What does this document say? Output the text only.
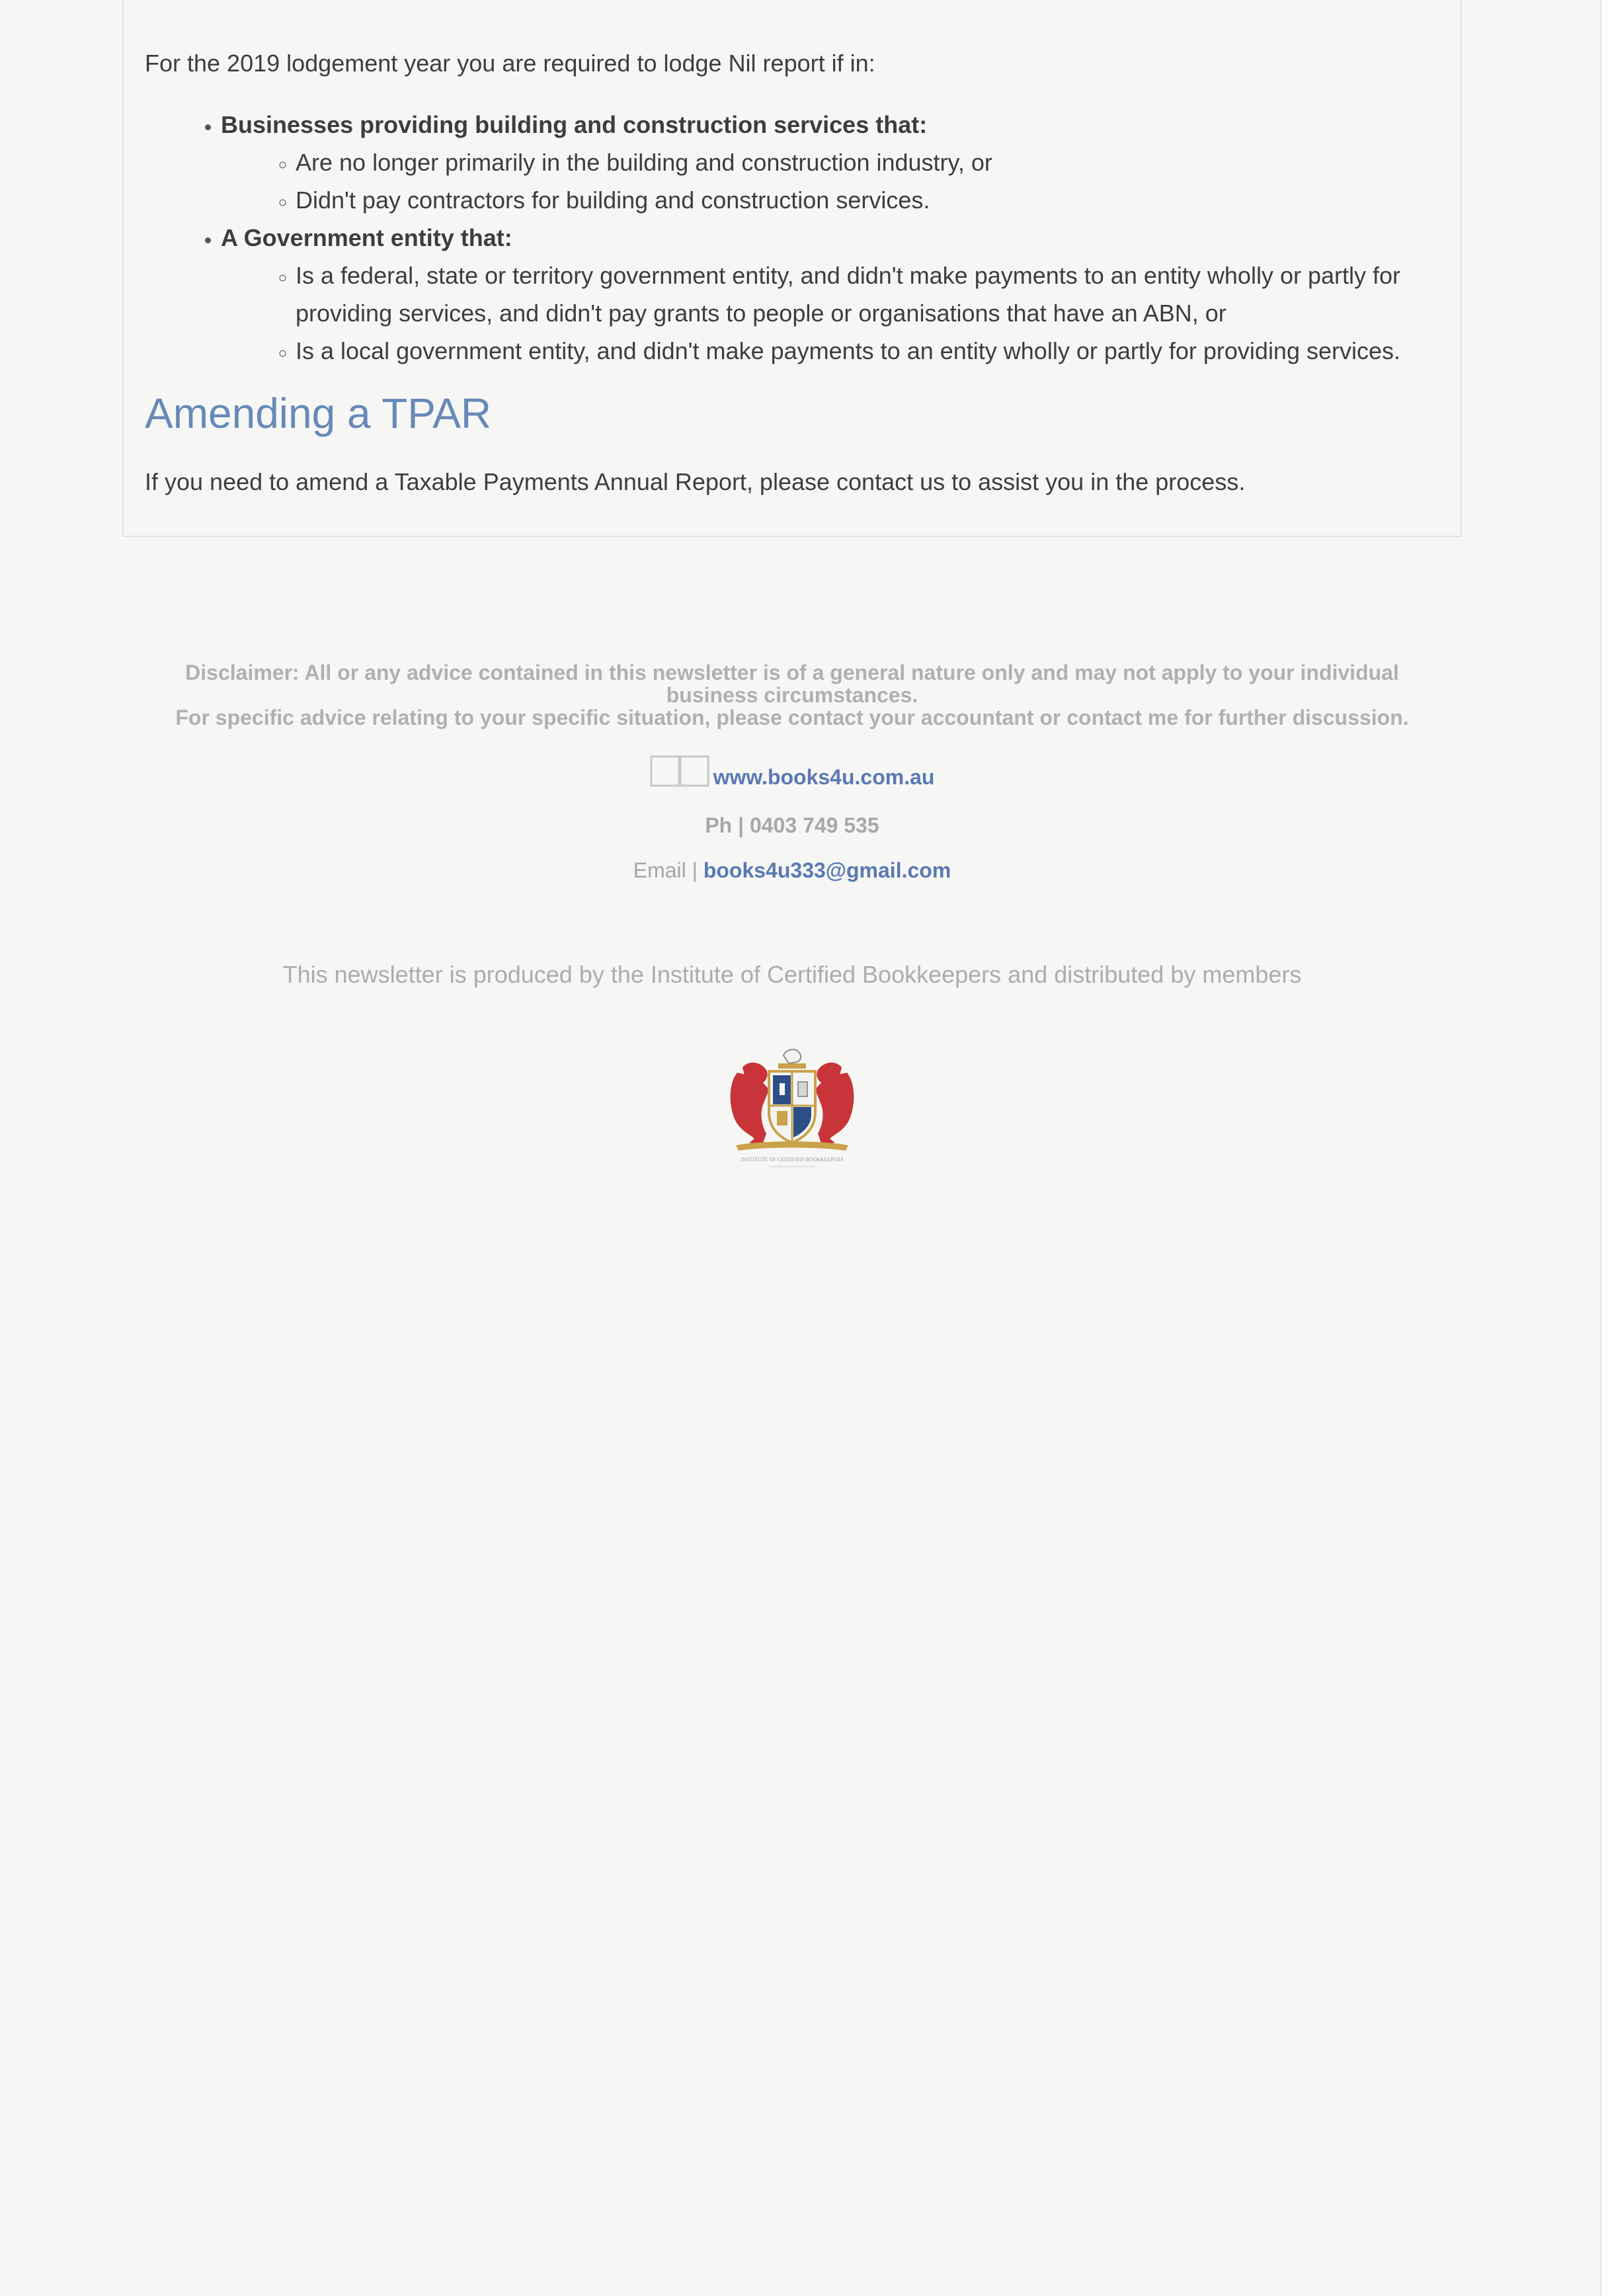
For the 2019 lodgement year you are required to lodge Nil report if in:

• Businesses providing building and construction services that:
◦ Are no longer primarily in the building and construction industry, or
◦ Didn't pay contractors for building and construction services.
• A Government entity that:
◦ Is a federal, state or territory government entity, and didn't make payments to an entity wholly or partly for providing services, and didn't pay grants to people or organisations that have an ABN, or
◦ Is a local government entity, and didn't make payments to an entity wholly or partly for providing services.
Amending a TPAR

If you need to amend a Taxable Payments Annual Report, please contact us to assist you in the process.

Disclaimer: All or any advice contained in this newsletter is of a general nature only and may not apply to your individual business circumstances.

For specific advice relating to your specific situation, please contact your accountant or contact me for further discussion.

www.books4u.com.au
Ph | 0403 749 535
Email | books4u333@gmail.com

This newsletter is produced by the Institute of Certified Bookkeepers and distributed by members

INSTITUTE OF CERTIFIED BOOKKEEPERS
